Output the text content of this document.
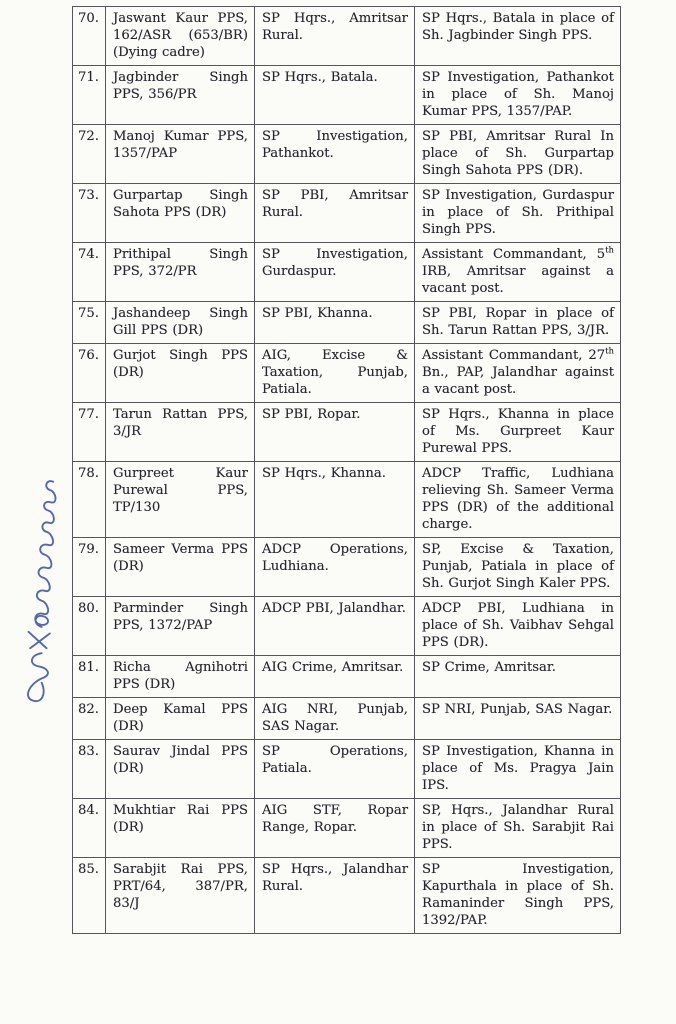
70.	Jaswant Kaur PPS, 162/ASR (653/BR) (Dying cadre)	SP Hqrs., Amritsar Rural.	SP Hqrs., Batala in place of Sh. Jagbinder Singh PPS.
71.	Jagbinder Singh PPS, 356/PR	SP Hqrs., Batala.	SP Investigation, Pathankot in place of Sh. Manoj Kumar PPS, 1357/PAP.
72.	Manoj Kumar PPS, 1357/PAP	SP Investigation, Pathankot.	SP PBI, Amritsar Rural In place of Sh. Gurpartap Singh Sahota PPS (DR).
73.	Gurpartap Singh Sahota PPS (DR)	SP PBI, Amritsar Rural.	SP Investigation, Gurdaspur in place of Sh. Prithipal Singh PPS.
74.	Prithipal Singh PPS, 372/PR	SP Investigation, Gurdaspur.	Assistant Commandant, 5th IRB, Amritsar against a vacant post.
75.	Jashandeep Singh Gill PPS (DR)	SP PBI, Khanna.	SP PBI, Ropar in place of Sh. Tarun Rattan PPS, 3/JR.
76.	Gurjot Singh PPS (DR)	AIG, Excise & Taxation, Punjab, Patiala.	Assistant Commandant, 27th Bn., PAP, Jalandhar against a vacant post.
77.	Tarun Rattan PPS, 3/JR	SP PBI, Ropar.	SP Hqrs., Khanna in place of Ms. Gurpreet Kaur Purewal PPS.
78.	Gurpreet Kaur Purewal PPS, TP/130	SP Hqrs., Khanna.	ADCP Traffic, Ludhiana relieving Sh. Sameer Verma PPS (DR) of the additional charge.
79.	Sameer Verma PPS (DR)	ADCP Operations, Ludhiana.	SP, Excise & Taxation, Punjab, Patiala in place of Sh. Gurjot Singh Kaler PPS.
80.	Parminder Singh PPS, 1372/PAP	ADCP PBI, Jalandhar.	ADCP PBI, Ludhiana in place of Sh. Vaibhav Sehgal PPS (DR).
81.	Richa Agnihotri PPS (DR)	AIG Crime, Amritsar.	SP Crime, Amritsar.
82.	Deep Kamal PPS (DR)	AIG NRI, Punjab, SAS Nagar.	SP NRI, Punjab, SAS Nagar.
83.	Saurav Jindal PPS (DR)	SP Operations, Patiala.	SP Investigation, Khanna in place of Ms. Pragya Jain IPS.
84.	Mukhtiar Rai PPS (DR)	AIG STF, Ropar Range, Ropar.	SP, Hqrs., Jalandhar Rural in place of Sh. Sarabjit Rai PPS.
85.	Sarabjit Rai PPS, PRT/64, 387/PR, 83/J	SP Hqrs., Jalandhar Rural.	SP Investigation, Kapurthala in place of Sh. Ramaninder Singh PPS, 1392/PAP.
